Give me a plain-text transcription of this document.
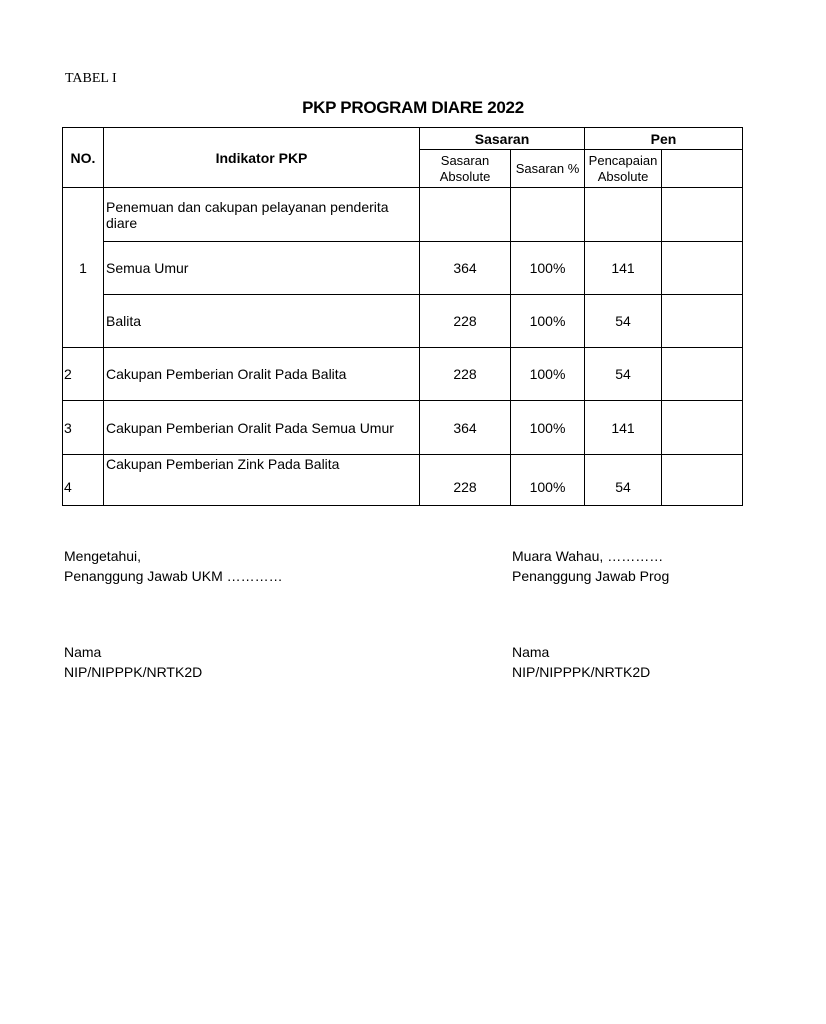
TABEL I
PKP PROGRAM DIARE 2022
NO.	Indikator PKP	Sasaran		Pen	
		Sasaran Absolute	Sasaran %	Pencapaian Absolute	
1	Penemuan dan cakupan pelayanan penderita diare				
	Semua Umur	364	100%	141	
	Balita	228	100%	54	
2	Cakupan Pemberian Oralit Pada Balita	228	100%	54	
3	Cakupan Pemberian Oralit Pada Semua Umur	364	100%	141	
4	Cakupan Pemberian Zink Pada Balita	228	100%	54	
Mengetahui,
Penanggung Jawab UKM …………
Nama
NIP/NIPPPK/NRTK2D
Muara Wahau, …………
Penanggung Jawab Prog
Nama
NIP/NIPPPK/NRTK2D
